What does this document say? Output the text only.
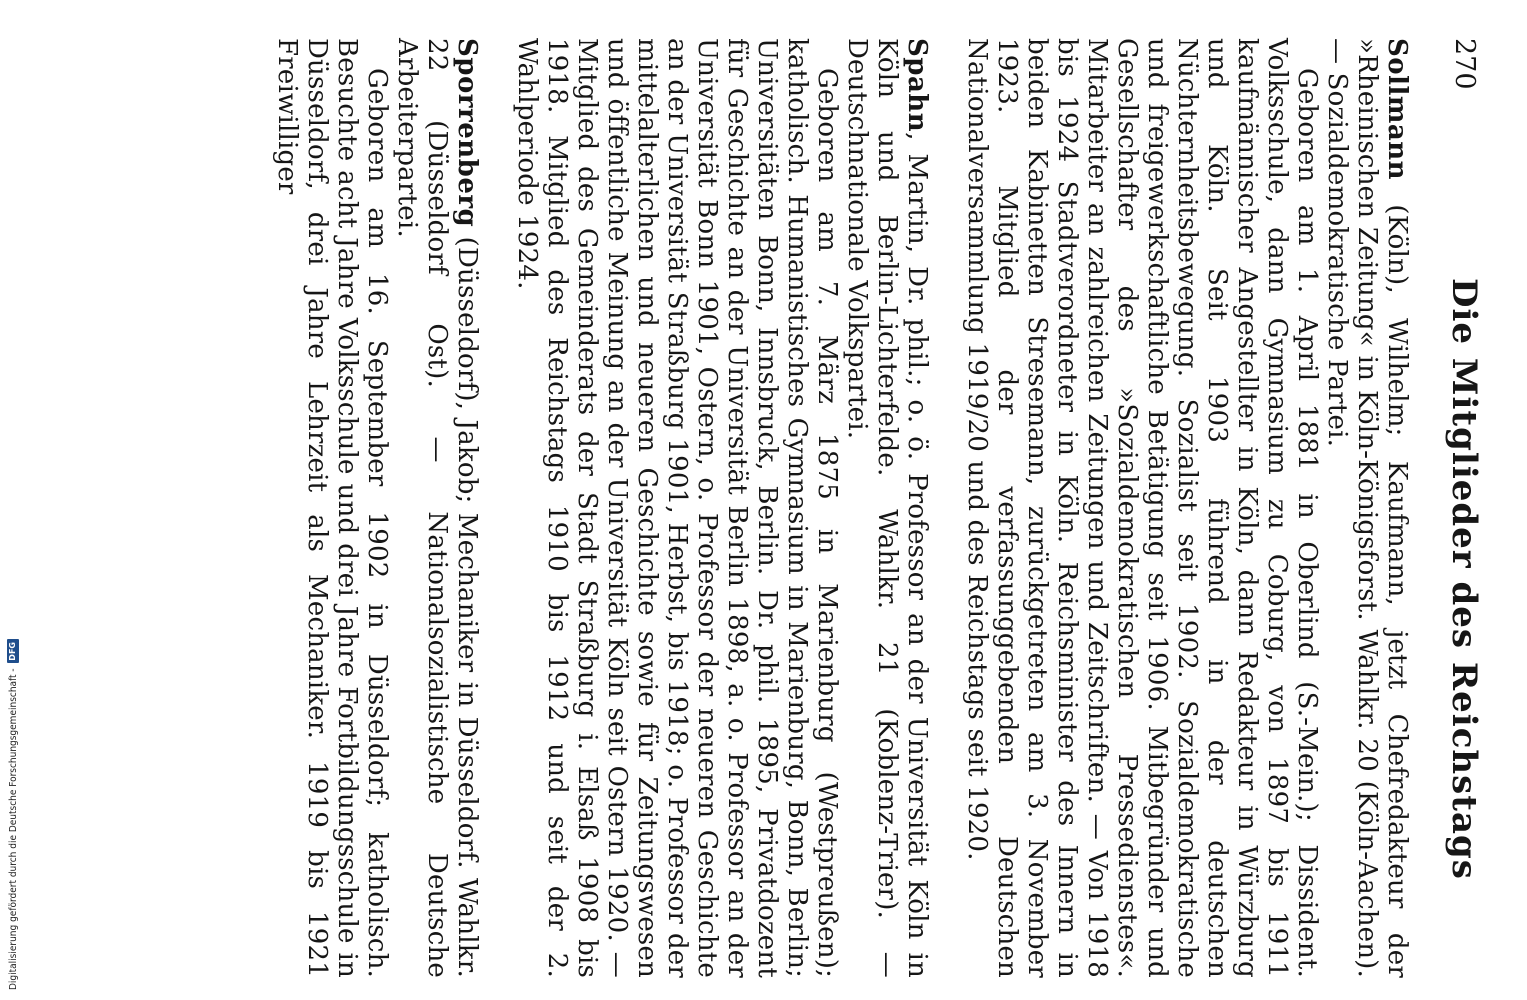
270
Die Mitglieder des Reichstags

Sollmann (Köln), Wilhelm; Kaufmann, jetzt Chefredakteur der »Rheinischen Zeitung« in Köln-Königsforst. Wahlkr. 20 (Köln-Aachen). — Sozialdemokratische Partei.

Geboren am 1. April 1881 in Oberlind (S.-Mein.); Dissident. Volksschule, dann Gymnasium zu Coburg, von 1897 bis 1911 kaufmännischer Angestellter in Köln, dann Redakteur in Würzburg und Köln. Seit 1903 führend in der deutschen Nüchternheitsbewegung. Sozialist seit 1902. Sozialdemokratische und freigewerkschaftliche Betätigung seit 1906. Mitbegründer und Gesellschafter des »Sozialdemokratischen Pressedienstes«. Mitarbeiter an zahlreichen Zeitungen und Zeitschriften. — Von 1918 bis 1924 Stadtverordneter in Köln. Reichsminister des Innern in beiden Kabinetten Stresemann, zurückgetreten am 3. November 1923. Mitglied der verfassunggebenden Deutschen Nationalversammlung 1919/20 und des Reichstags seit 1920.

Spahn, Martin, Dr. phil.; o. ö. Professor an der Universität Köln in Köln und Berlin-Lichterfelde. Wahlkr. 21 (Koblenz-Trier). — Deutschnationale Volkspartei.

Geboren am 7. März 1875 in Marienburg (Westpreußen); katholisch. Humanistisches Gymnasium in Marienburg, Bonn, Berlin; Universitäten Bonn, Innsbruck, Berlin. Dr. phil. 1895, Privatdozent für Geschichte an der Universität Berlin 1898, a. o. Professor an der Universität Bonn 1901, Ostern, o. Professor der neueren Geschichte an der Universität Straßburg 1901, Herbst, bis 1918; o. Professor der mittelalterlichen und neueren Geschichte sowie für Zeitungswesen und öffentliche Meinung an der Universität Köln seit Ostern 1920. — Mitglied des Gemeinderats der Stadt Straßburg i. Elsaß 1908 bis 1918. Mitglied des Reichstags 1910 bis 1912 und seit der 2. Wahlperiode 1924.

Sporrenberg (Düsseldorf), Jakob; Mechaniker in Düsseldorf. Wahlkr. 22 (Düsseldorf Ost). — Nationalsozialistische Deutsche Arbeiterpartei.

Geboren am 16. September 1902 in Düsseldorf; katholisch. Besuchte acht Jahre Volksschule und drei Jahre Fortbildungsschule in Düsseldorf, drei Jahre Lehrzeit als Mechaniker. 1919 bis 1921 Freiwilliger

Digitalisierung gefördert durch die Deutsche Forschungsgemeinschaft -
DFG
